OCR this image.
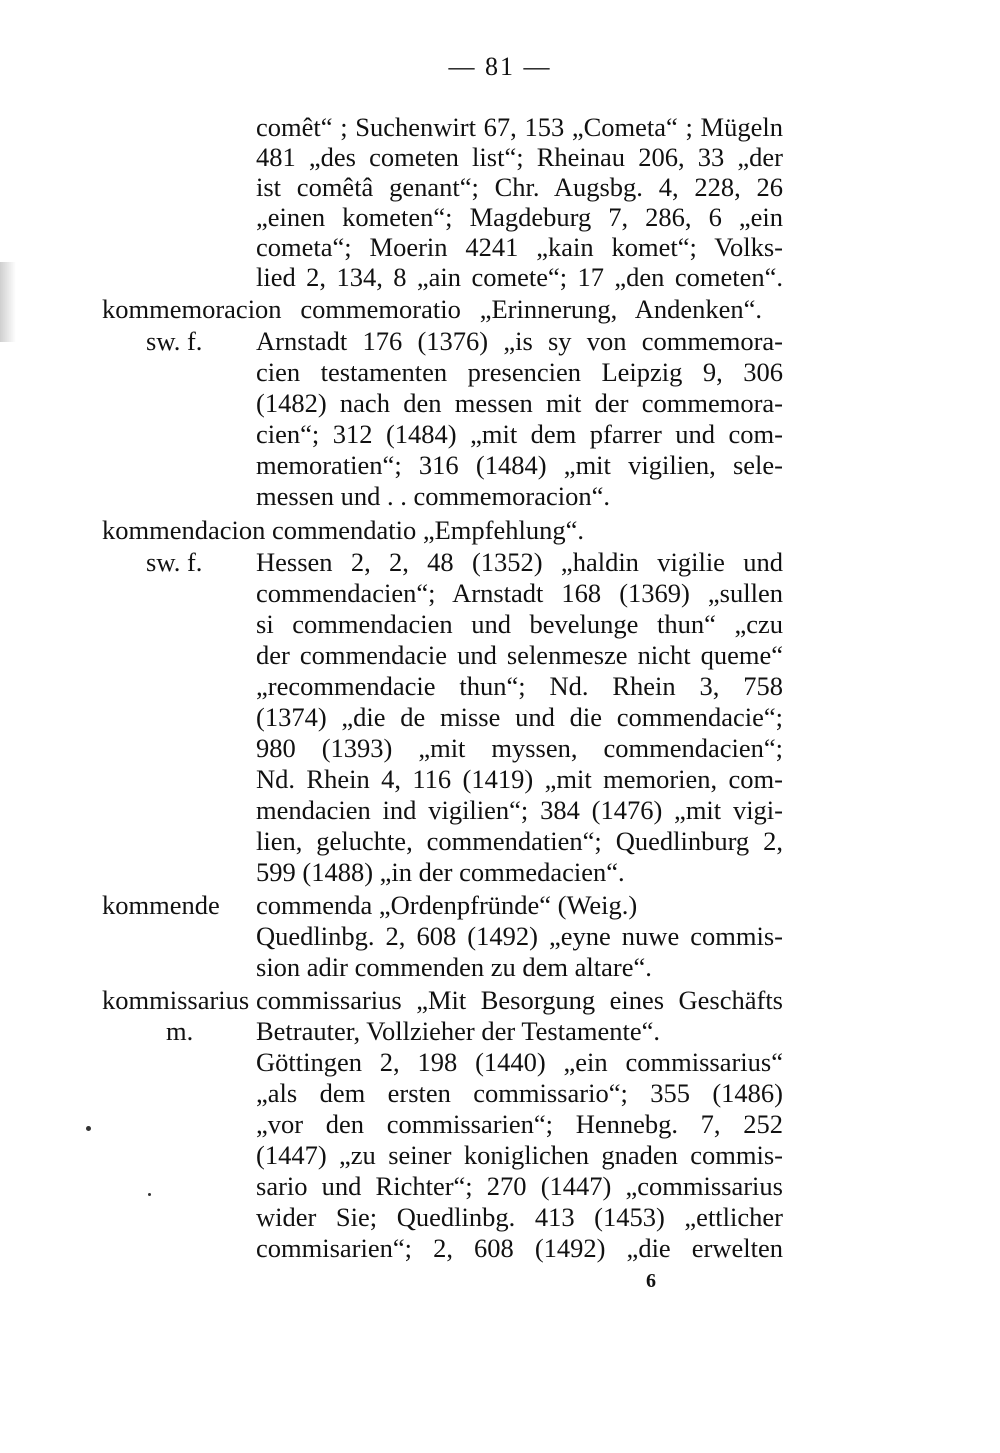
— 81 —
comêt“ ; Suchenwirt 67, 153 „Cometa“ ; Mügeln
481 „des cometen list“; Rheinau 206, 33 „der
ist comêtâ genant“; Chr. Augsbg. 4, 228, 26
„einen kometen“; Magdeburg 7, 286, 6 „ein
cometa“; Moerin 4241 „kain komet“; Volks-
lied 2, 134, 8 „ain comete“; 17 „den cometen“.
kommemoracion commemoratio „Erinnerung, Andenken“.
sw. f. Arnstadt 176 (1376) „is sy von commemora-
cien testamenten presencien Leipzig 9, 306
(1482) nach den messen mit der commemora-
cien“; 312 (1484) „mit dem pfarrer und com-
memoratien“; 316 (1484) „mit vigilien, sele-
messen und . . commemoracion“.
kommendacion commendatio „Empfehlung“.
sw. f. Hessen 2, 2, 48 (1352) „haldin vigilie und
commendacien“; Arnstadt 168 (1369) „sullen
si commendacien und bevelunge thun“ „czu
der commendacie und selenmesze nicht queme“
„recommendacie thun“; Nd. Rhein 3, 758
(1374) „die de misse und die commendacie“;
980 (1393) „mit myssen, commendacien“;
Nd. Rhein 4, 116 (1419) „mit memorien, com-
mendacien ind vigilien“; 384 (1476) „mit vigi-
lien, geluchte, commendatien“; Quedlinburg 2,
599 (1488) „in der commedacien“.
kommende commenda „Ordenpfründe“ (Weig.)
Quedlinbg. 2, 608 (1492) „eyne nuwe commis-
sion adir commenden zu dem altare“.
kommissarius commissarius „Mit Besorgung eines Geschäfts
m. Betrauter, Vollzieher der Testamente“.
Göttingen 2, 198 (1440) „ein commissarius“
„als dem ersten commissario“; 355 (1486)
„vor den commissarien“; Hennebg. 7, 252
(1447) „zu seiner koniglichen gnaden commis-
sario und Richter“; 270 (1447) „commissarius
wider Sie; Quedlinbg. 413 (1453) „ettlicher
commisarien“; 2, 608 (1492) „die erwelten
6
